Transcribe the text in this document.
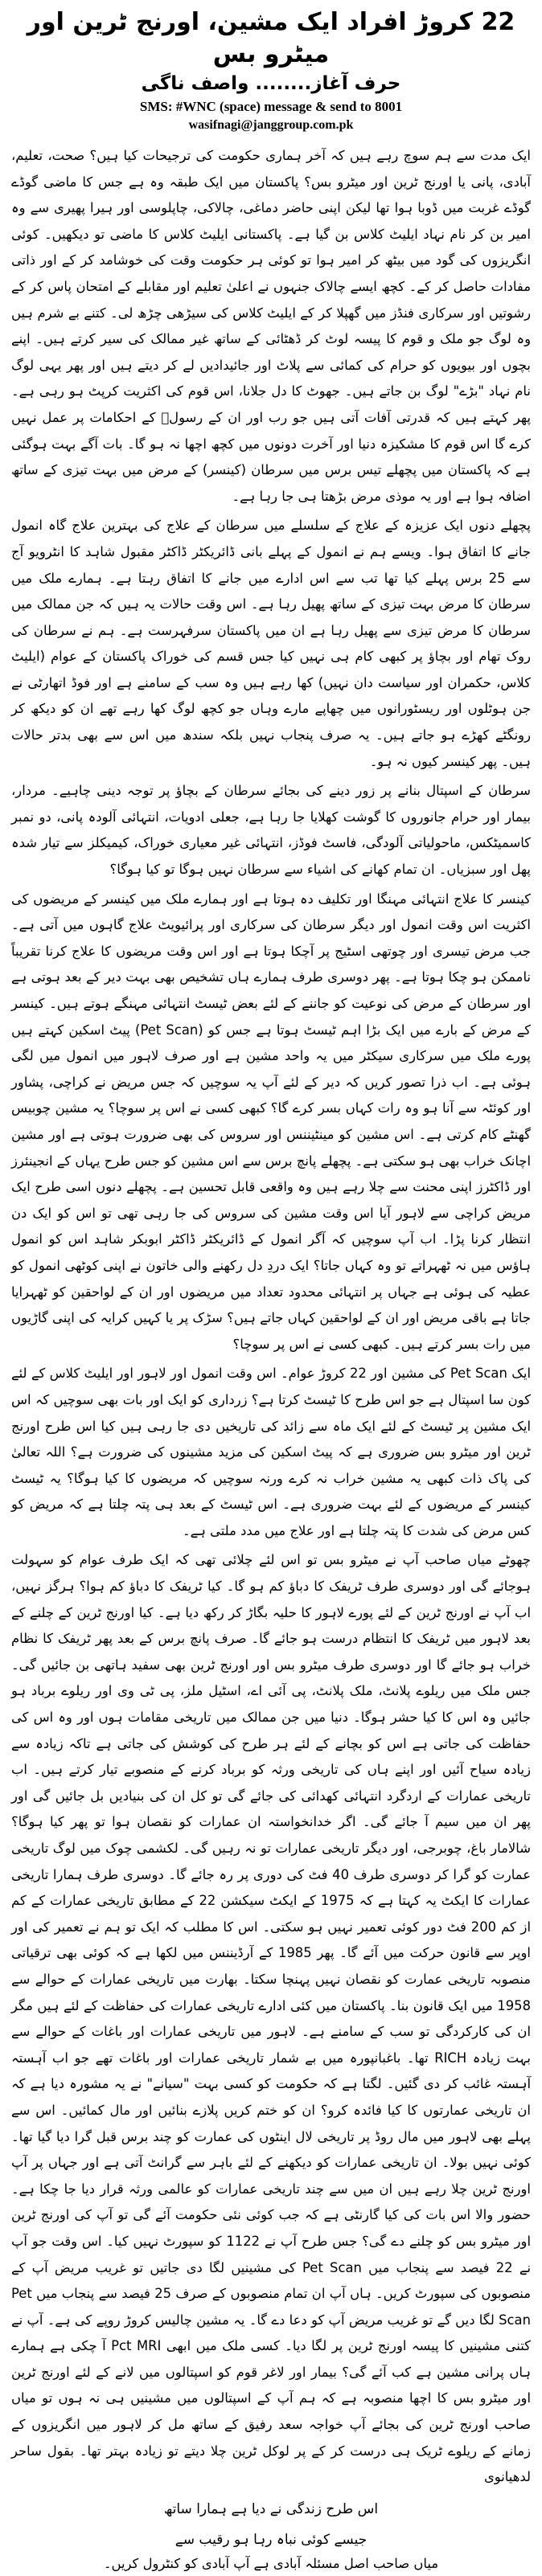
22 کروڑ افراد ایک مشین، اورنج ٹرین اور میٹرو بس
حرف آغاز........ واصف ناگی

SMS: #WNC (space) message & send to 8001

wasifnagi@janggroup.com.pk

ایک مدت سے ہم سوچ رہے ہیں کہ آخر ہماری حکومت کی ترجیحات کیا ہیں؟ صحت، تعلیم، آبادی، پانی یا اورنج ٹرین اور میٹرو بس؟ پاکستان میں ایک طبقہ وہ ہے جس کا ماضی گوڈے گوڈے غربت میں ڈوبا ہوا تھا لیکن اپنی حاضر دماغی، چالاکی، چاپلوسی اور ہیرا پھیری سے وہ امیر بن کر نام نہاد ایلیٹ کلاس بن گیا ہے۔ پاکستانی ایلیٹ کلاس کا ماضی تو دیکھیں۔ کوئی انگریزوں کی گود میں بیٹھ کر امیر ہوا تو کوئی ہر حکومت وقت کی خوشامد کر کے اور ذاتی مفادات حاصل کر کے۔ کچھ ایسے چالاک جنہوں نے اعلیٰ تعلیم اور مقابلے کے امتحان پاس کر کے رشوتیں اور سرکاری فنڈز میں گھپلا کر کے ایلیٹ کلاس کی سیڑھی چڑھ لی۔ کتنے بے شرم ہیں وہ لوگ جو ملک و قوم کا پیسہ لوٹ کر ڈھٹائی کے ساتھ غیر ممالک کی سیر کرتے ہیں۔ اپنے بچوں اور بیویوں کو حرام کی کمائی سے پلاٹ اور جائیدادیں لے کر دیتے ہیں اور پھر یہی لوگ نام نہاد "بڑے" لوگ بن جاتے ہیں۔ جھوٹ کا دل جلانا، اس قوم کی اکثریت کرپٹ ہو رہی ہے۔ پھر کہتے ہیں کہ قدرتی آفات آتی ہیں جو رب اور ان کے رسولؐ کے احکامات پر عمل نہیں کرے گا اس قوم کا مشکیزہ دنیا اور آخرت دونوں میں کچھ اچھا نہ ہو گا۔ بات آگے بہت ہوگئی ہے کہ پاکستان میں پچھلے تیس برس میں سرطان (کینسر) کے مرض میں بہت تیزی کے ساتھ اضافہ ہوا ہے اور یہ موذی مرض بڑھتا ہی جا رہا ہے۔

پچھلے دنوں ایک عزیزہ کے علاج کے سلسلے میں سرطان کے علاج کی بہترین علاج گاہ انمول جانے کا اتفاق ہوا۔ ویسے ہم نے انمول کے پہلے بانی ڈائریکٹر ڈاکٹر مقبول شاہد کا انٹرویو آج سے 25 برس پہلے کیا تھا تب سے اس ادارے میں جانے کا اتفاق رہتا ہے۔ ہمارے ملک میں سرطان کا مرض بہت تیزی کے ساتھ پھیل رہا ہے۔ اس وقت حالات یہ ہیں کہ جن ممالک میں سرطان کا مرض تیزی سے پھیل رہا ہے ان میں پاکستان سرفہرست ہے۔ ہم نے سرطان کی روک تھام اور بچاؤ پر کبھی کام ہی نہیں کیا جس قسم کی خوراک پاکستان کے عوام (ایلیٹ کلاس، حکمران اور سیاست دان نہیں) کھا رہے ہیں وہ سب کے سامنے ہے اور فوڈ اتھارٹی نے جن ہوٹلوں اور ریسٹورانوں میں چھاپے مارے وہاں جو کچھ لوگ کھا رہے تھے ان کو دیکھ کر رونگٹے کھڑے ہو جاتے ہیں۔ یہ صرف پنجاب نہیں بلکہ سندھ میں اس سے بھی بدتر حالات ہیں۔ پھر کینسر کیوں نہ ہو۔

سرطان کے اسپتال بنانے پر زور دینے کی بجائے سرطان کے بچاؤ پر توجہ دینی چاہیے۔ مردار، بیمار اور حرام جانوروں کا گوشت کھلایا جا رہا ہے، جعلی ادویات، انتہائی آلودہ پانی، دو نمبر کاسمیٹکس، ماحولیاتی آلودگی، فاسٹ فوڈز، انتہائی غیر معیاری خوراک، کیمیکلز سے تیار شدہ پھل اور سبزیاں۔ ان تمام کھانے کی اشیاء سے سرطان نہیں ہوگا تو کیا ہوگا؟

کینسر کا علاج انتہائی مہنگا اور تکلیف دہ ہوتا ہے اور ہمارے ملک میں کینسر کے مریضوں کی اکثریت اس وقت انمول اور دیگر سرطان کی سرکاری اور پرائیویٹ علاج گاہوں میں آتی ہے۔ جب مرض تیسری اور چوتھی اسٹیج پر آچکا ہوتا ہے اور اس وقت مریضوں کا علاج کرنا تقریباً ناممکن ہو چکا ہوتا ہے۔ پھر دوسری طرف ہمارے ہاں تشخیص بھی بہت دیر کے بعد ہوتی ہے اور سرطان کے مرض کی نوعیت کو جاننے کے لئے بعض ٹیسٹ انتہائی مہنگے ہوتے ہیں۔ کینسر کے مرض کے بارے میں ایک بڑا اہم ٹیسٹ ہوتا ہے جس کو (Pet Scan) پیٹ اسکین کہتے ہیں پورے ملک میں سرکاری سیکٹر میں یہ واحد مشین ہے اور صرف لاہور میں انمول میں لگی ہوئی ہے۔ اب ذرا تصور کریں کہ دیر کے لئے آپ یہ سوچیں کہ جس مریض نے کراچی، پشاور اور کوئٹہ سے آنا ہو وہ رات کہاں بسر کرے گا؟ کبھی کسی نے اس پر سوچا؟ یہ مشین چوبیس گھنٹے کام کرتی ہے۔ اس مشین کو مینٹیننس اور سروس کی بھی ضرورت ہوتی ہے اور مشین اچانک خراب بھی ہو سکتی ہے۔ پچھلے پانچ برس سے اس مشین کو جس طرح یہاں کے انجینئرز اور ڈاکٹرز اپنی محنت سے چلا رہے ہیں وہ واقعی قابل تحسین ہے۔ پچھلے دنوں اسی طرح ایک مریض کراچی سے لاہور آیا اس وقت مشین کی سروس کی جا رہی تھی تو اس کو ایک دن انتظار کرنا پڑا۔ اب آپ سوچیں کہ آگر انمول کے ڈائریکٹر ڈاکٹر ابوبکر شاہد اس کو انمول ہاؤس میں نہ ٹھہراتے تو وہ کہاں جاتا؟ ایک دردِ دل رکھنے والی خاتون نے اپنی کوٹھی انمول کو عطیہ کی ہوئی ہے جہاں پر انتہائی محدود تعداد میں مریضوں اور ان کے لواحقین کو ٹھہرایا جاتا ہے باقی مریض اور ان کے لواحقین کہاں جاتے ہیں؟ سڑک پر یا کہیں کرایہ کی اپنی گاڑیوں میں رات بسر کرتے ہیں۔ کبھی کسی نے اس پر سوچا؟

ایک Pet Scan کی مشین اور 22 کروڑ عوام۔ اس وقت انمول اور لاہور اور ایلیٹ کلاس کے لئے کون سا اسپتال ہے جو اس طرح کا ٹیسٹ کرتا ہے؟ زرداری کو ایک اور بات بھی سوچیں کہ اس ایک مشین پر ٹیسٹ کے لئے ایک ماہ سے زائد کی تاریخیں دی جا رہی ہیں کیا اس طرح اورنج ٹرین اور میٹرو بس ضروری ہے کہ پیٹ اسکین کی مزید مشینوں کی ضرورت ہے؟ اللہ تعالیٰ کی پاک ذات کبھی یہ مشین خراب نہ کرے ورنہ سوچیں کہ مریضوں کا کیا ہوگا؟ یہ ٹیسٹ کینسر کے مریضوں کے لئے بہت ضروری ہے۔ اس ٹیسٹ کے بعد ہی پتہ چلتا ہے کہ مریض کو کس مرض کی شدت کا پتہ چلتا ہے اور علاج میں مدد ملتی ہے۔

چھوٹے میاں صاحب آپ نے میٹرو بس تو اس لئے چلائی تھی کہ ایک طرف عوام کو سہولت ہوجائے گی اور دوسری طرف ٹریفک کا دباؤ کم ہو گا۔ کیا ٹریفک کا دباؤ کم ہوا؟ ہرگز نہیں، اب آپ نے اورنج ٹرین کے لئے پورے لاہور کا حلیہ بگاڑ کر رکھ دیا ہے۔ کیا اورنج ٹرین کے چلنے کے بعد لاہور میں ٹریفک کا انتظام درست ہو جائے گا۔ صرف پانچ برس کے بعد پھر ٹریفک کا نظام خراب ہو جائے گا اور دوسری طرف میٹرو بس اور اورنج ٹرین بھی سفید ہاتھی بن جائیں گی۔ جس ملک میں ریلوے پلانٹ، ملک پلانٹ، پی آئی اے، اسٹیل ملز، پی ٹی وی اور ریلوے برباد ہو جائیں وہ اس کا کیا حشر ہوگا۔ دنیا میں جن ممالک میں تاریخی مقامات ہوں اور وہ اس کی حفاظت کی جاتی ہے اس کو بچانے کے لئے ہر طرح کی کوشش کی جاتی ہے تاکہ زیادہ سے زیادہ سیاح آئیں اور اپنے ہاں کی تاریخی ورثہ کو برباد کرنے کے منصوبے تیار کرتے ہیں۔ اب تاریخی عمارات کے اردگرد انتہائی کھدائی کی جائے گی تو کل ان کی بنیادیں بل جائیں گی اور پھر ان میں سیم آ جائے گی۔ اگر خدانخواستہ ان عمارات کو نقصان ہوا تو پھر کیا ہوگا؟ شالامار باغ، چوبرجی، اور دیگر تاریخی عمارات تو نہ رہیں گی۔ لکشمی چوک میں لوگ تاریخی عمارت کو گرا کر دوسری طرف 40 فٹ کی دوری پر رہ جائے گا۔ دوسری طرف ہمارا تاریخی عمارات کا ایکٹ یہ کہتا ہے کہ 1975 کے ایکٹ سیکشن 22 کے مطابق تاریخی عمارات کے کم از کم 200 فٹ دور کوئی تعمیر نہیں ہو سکتی۔ اس کا مطلب کہ ایک تو ہم نے تعمیر کی اور اوپر سے قانون حرکت میں آئے گا۔ پھر 1985 کے آرڈیننس میں لکھا ہے کہ کوئی بھی ترقیاتی منصوبہ تاریخی عمارت کو نقصان نہیں پہنچا سکتا۔ بھارت میں تاریخی عمارات کے حوالے سے 1958 میں ایک قانون بنا۔ پاکستان میں کئی ادارے تاریخی عمارات کی حفاظت کے لئے ہیں مگر ان کی کارکردگی تو سب کے سامنے ہے۔ لاہور میں تاریخی عمارات اور باغات کے حوالے سے بہت زیادہ RICH تھا۔ باغبانپورہ میں بے شمار تاریخی عمارات اور باغات تھے جو اب آہستہ آہستہ غائب کر دی گئیں۔ لگتا ہے کہ حکومت کو کسی بہت "سیانے" نے یہ مشورہ دیا ہے کہ ان تاریخی عمارتوں کا کیا فائدہ کرو؟ ان کو ختم کریں پلازے بنائیں اور مال کمائیں۔ اس سے پہلے بھی لاہور میں مال روڈ پر تاریخی لال اینٹوں کی عمارت کو چند برس قبل گرا دیا گیا تھا۔ کوئی نہیں بولا۔ ان تاریخی عمارات کو دیکھنے کے لئے باہر سے گرانٹ آتی ہے اور جہاں پر آپ اورنج ٹرین چلا رہے ہیں ان میں سے چند تاریخی عمارات کو عالمی ورثہ قرار دیا جا چکا ہے۔ حضور والا اس بات کی کیا گارنٹی ہے کہ جب کوئی نئی حکومت آئے گی تو آپ کی اورنج ٹرین اور میٹرو بس کو چلنے دے گی؟ جس طرح آپ نے 1122 کو سپورٹ نہیں کیا۔ اس وقت جو آپ نے 22 فیصد سے پنجاب میں Pet Scan کی مشینیں لگا دی جاتیں تو غریب مریض آپ کے منصوبوں کی سپورٹ کریں۔ ہاں آپ ان تمام منصوبوں کے صرف 25 فیصد سے پنجاب میں Pet Scan لگا دیں گے تو غریب مریض آپ کو دعا دے گا۔ یہ مشین چالیس کروڑ روپے کی ہے۔ آپ نے کتنی مشینیں کا پیسہ اورنج ٹرین پر لگا دیا۔ کسی ملک میں ابھی Pct MRI آ چکی ہے ہمارے ہاں پرانی مشین ہے کب آئے گی؟ بیمار اور لاغر قوم کو اسپتالوں میں لانے کے لئے اورنج ٹرین اور میٹرو بس کا اچھا منصوبہ ہے کہ ہم آپ کے اسپتالوں میں مشینیں ہی نہ ہوں تو میاں صاحب اورنج ٹرین کی بجائے آپ خواجہ سعد رفیق کے ساتھ مل کر لاہور میں انگریزوں کے زمانے کے ریلوے ٹریک ہی درست کر کے پر لوکل ٹرین چلا دیتے تو زیادہ بہتر تھا۔ بقول ساحر لدھیانوی

اس طرح زندگی نے دیا ہے ہمارا ساتھ

جیسے کوئی نباہ رہا ہو رقیب سے

میاں صاحب اصل مسئلہ آبادی ہے آپ آبادی کو کنٹرول کریں۔
